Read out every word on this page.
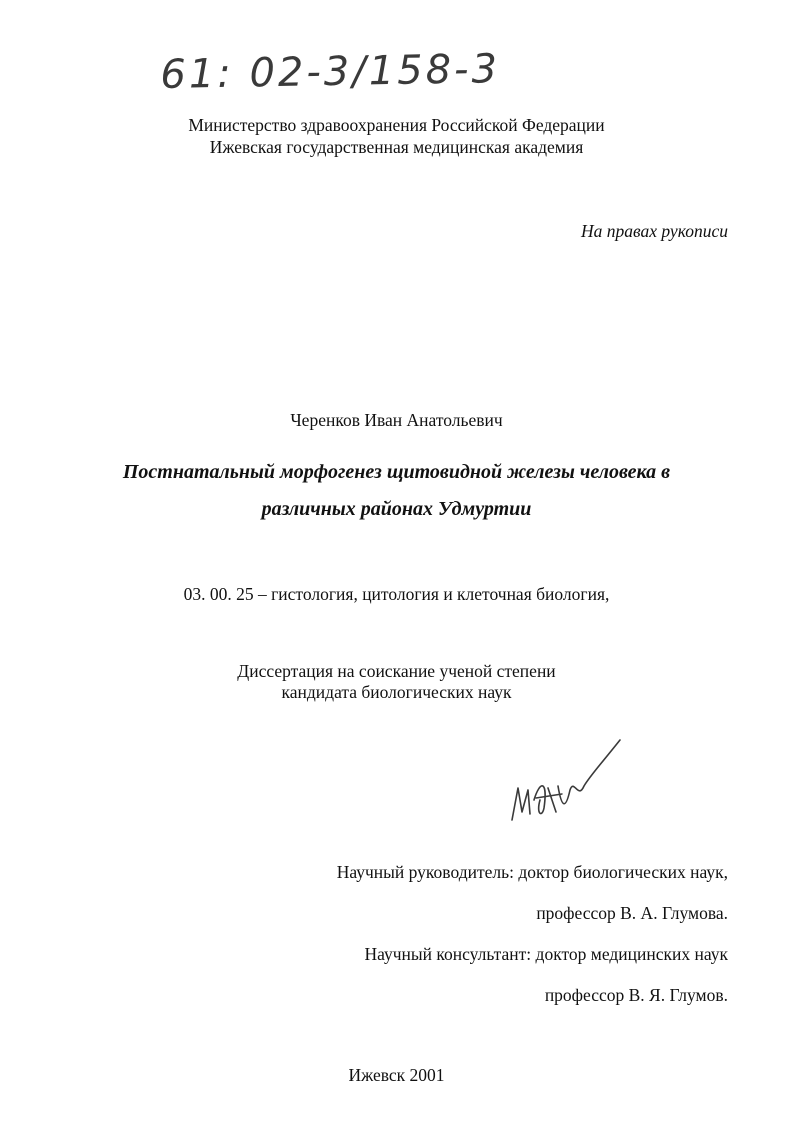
61: 02-3/158-3
Министерство здравоохранения Российской Федерации
Ижевская государственная медицинская академия
На правах рукописи
Черенков Иван Анатольевич
Постнатальный морфогенез щитовидной железы человека в
различных районах Удмуртии
03. 00. 25 – гистология, цитология и клеточная биология,
Диссертация на соискание ученой степени
кандидата биологических наук
Научный руководитель: доктор биологических наук,
профессор В. А. Глумова.
Научный консультант: доктор медицинских наук
профессор В. Я. Глумов.
Ижевск 2001
